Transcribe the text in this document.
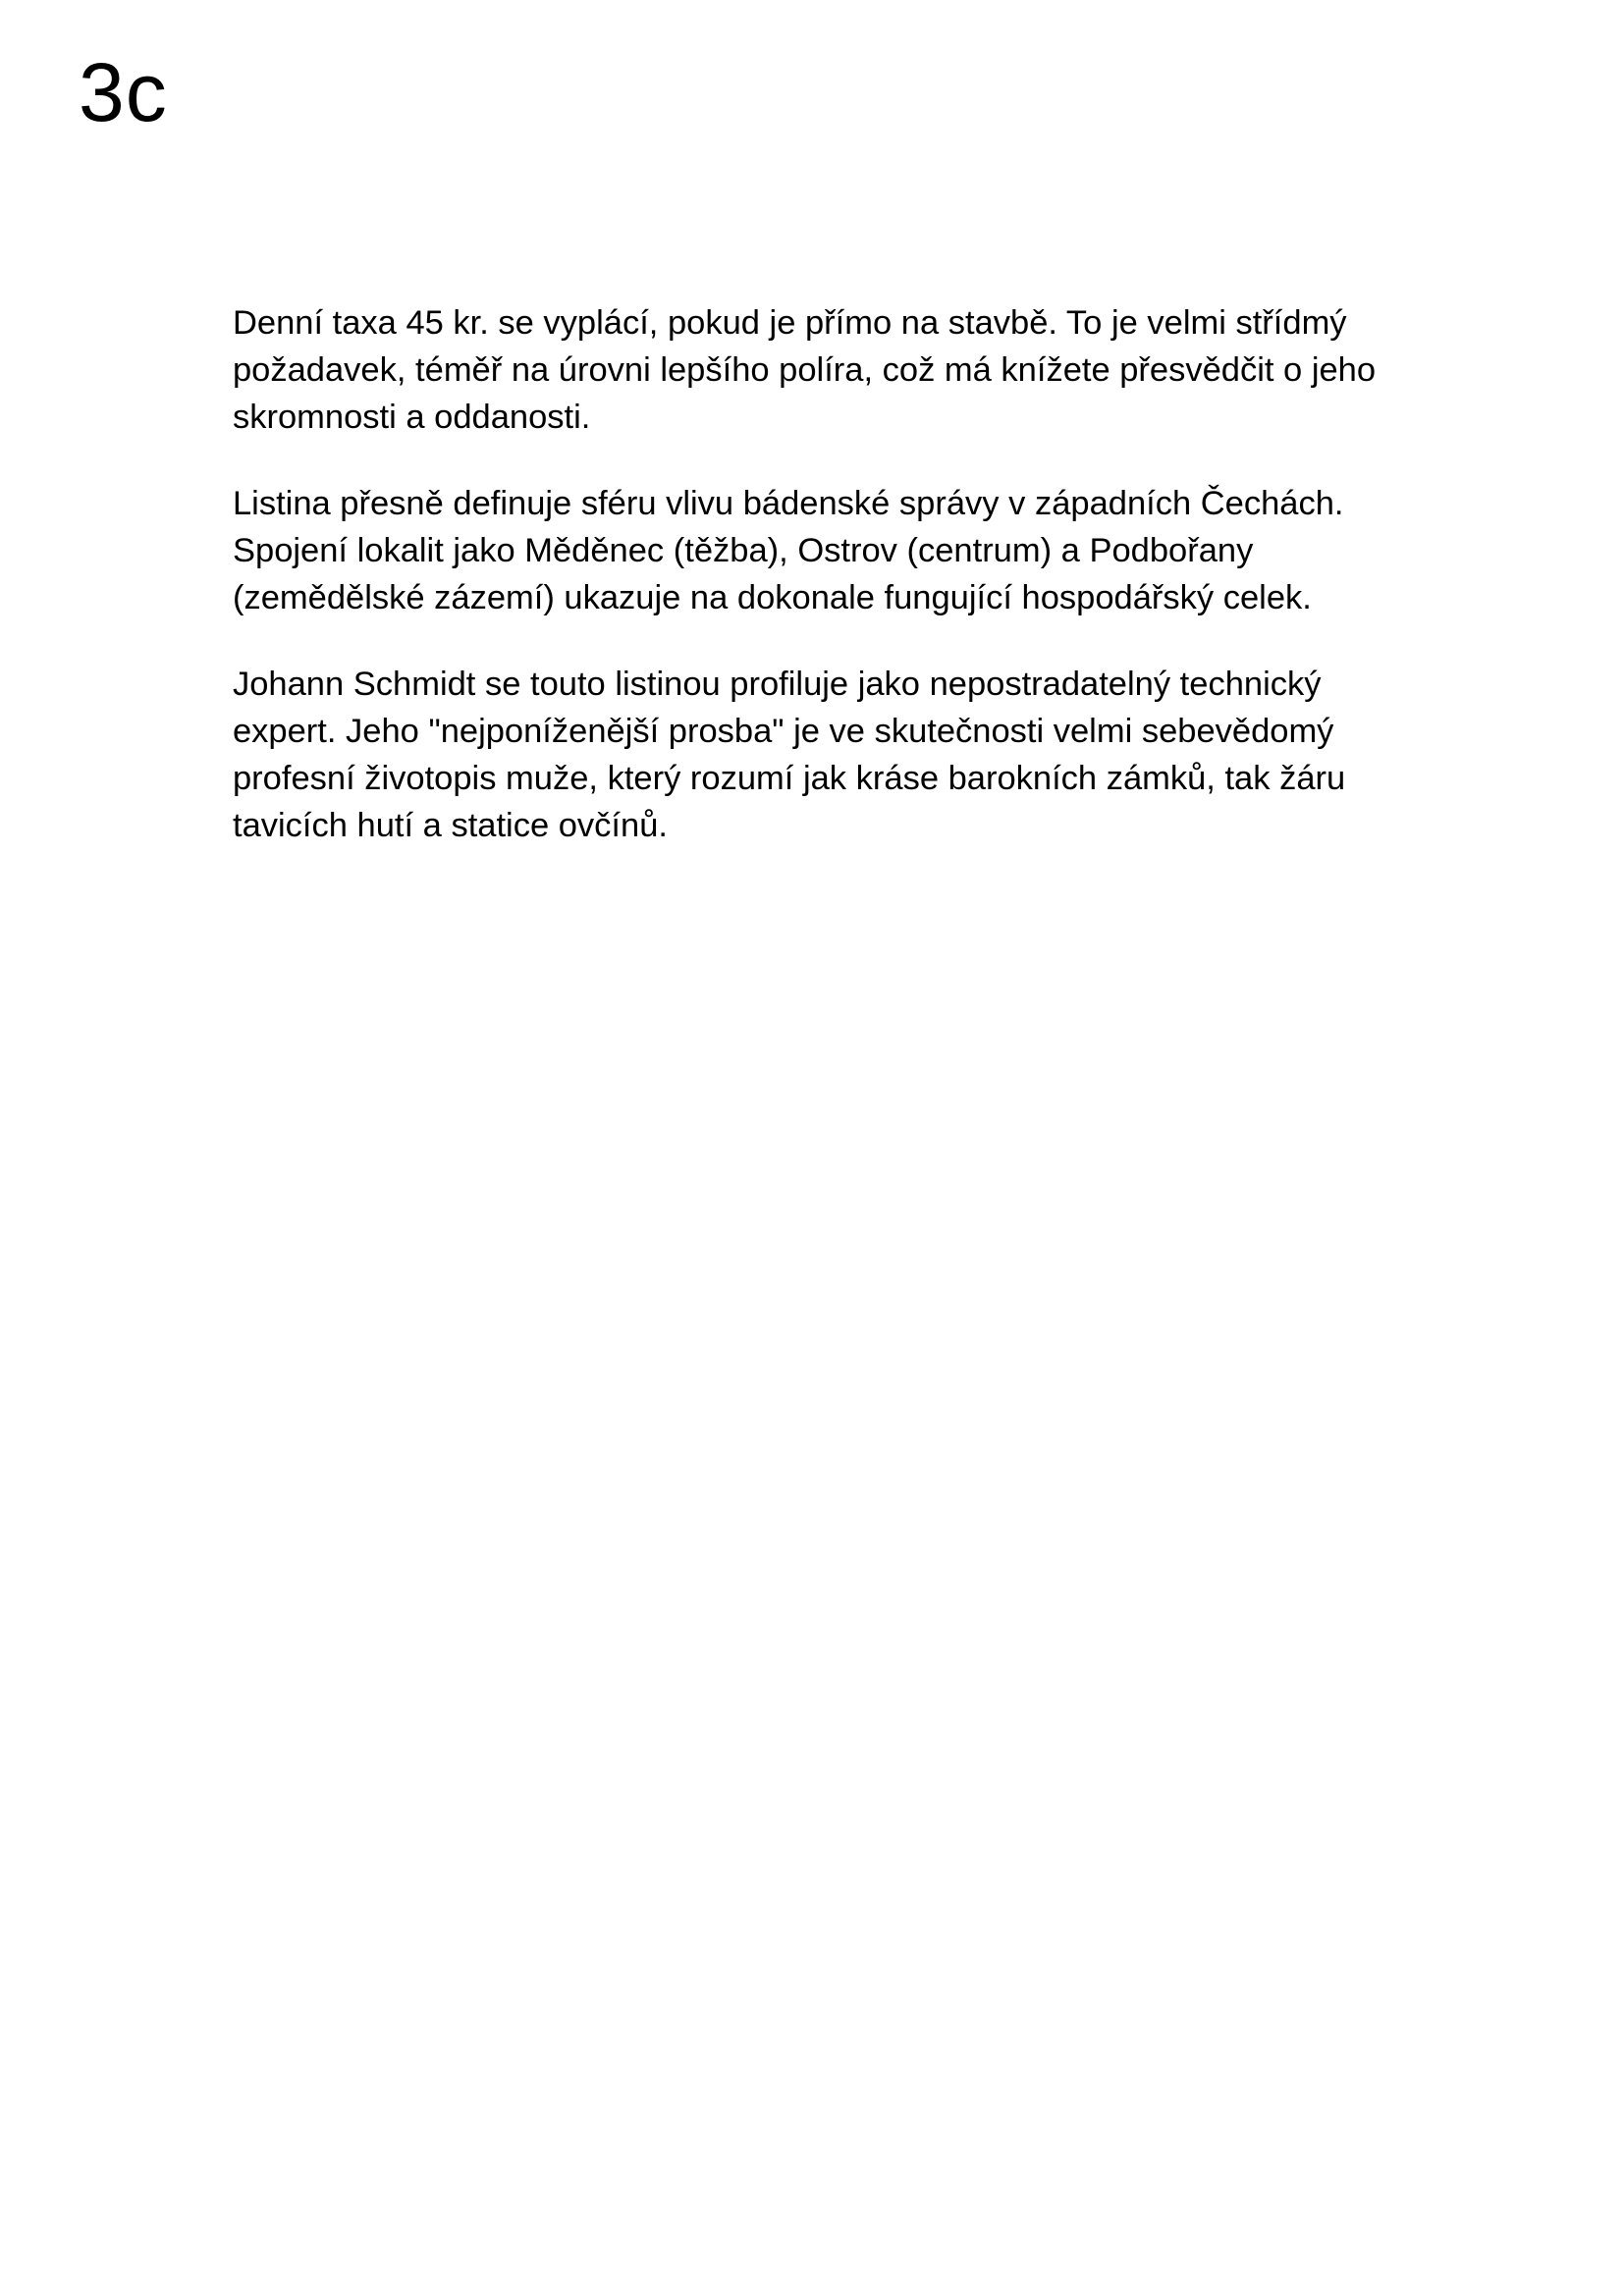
3c

Denní taxa 45 kr. se vyplácí, pokud je přímo na stavbě. To je velmi střídmý
požadavek, téměř na úrovni lepšího políra, což má knížete přesvědčit o jeho
skromnosti a oddanosti.

Listina přesně definuje sféru vlivu bádenské správy v západních Čechách.
Spojení lokalit jako Měděnec (těžba), Ostrov (centrum) a Podbořany
(zemědělské zázemí) ukazuje na dokonale fungující hospodářský celek.

Johann Schmidt se touto listinou profiluje jako nepostradatelný technický
expert. Jeho "nejponíženější prosba" je ve skutečnosti velmi sebevědomý
profesní životopis muže, který rozumí jak kráse barokních zámků, tak žáru
tavicích hutí a statice ovčínů.
